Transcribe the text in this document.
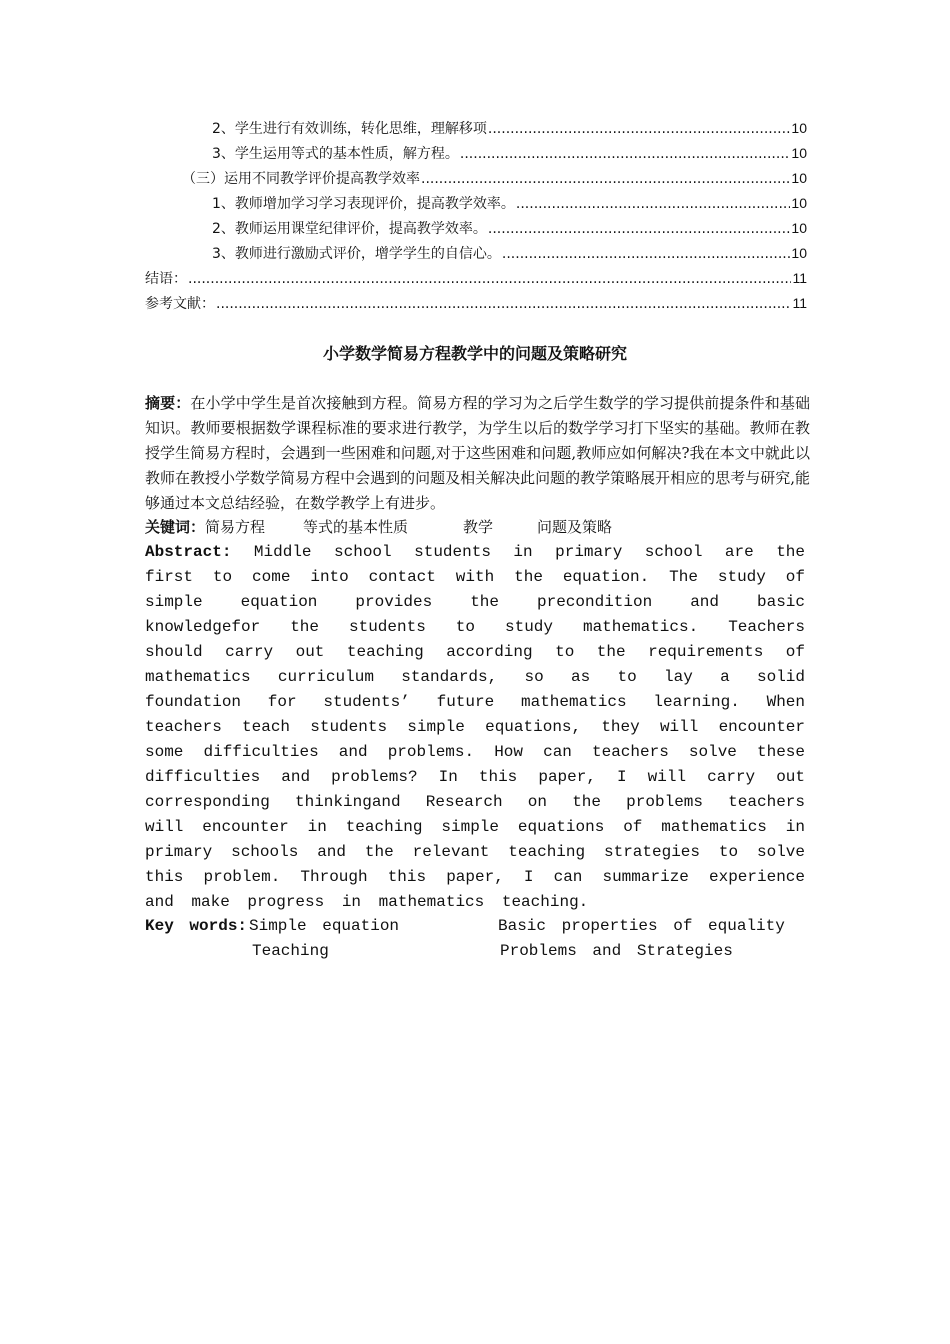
2、学生进行有效训练，转化思维，理解移项 .....	10
3、学生运用等式的基本性质，解方程。 .....	10
（三）运用不同教学评价提高教学效率 .....	10
1、教师增加学习学习表现评价，提高教学效率。 .....	10
2、教师运用课堂纪律评价，提高教学效率。 .....	10
3、教师进行激励式评价，增学学生的自信心。 .....	10
结语： .....	11
参考文献： .....	11
小学数学简易方程教学中的问题及策略研究
摘要：在小学中学生是首次接触到方程。简易方程的学习为之后学生数学的学习提供前提条件和基础知识。教师要根据数学课程标准的要求进行教学，为学生以后的数学学习打下坚实的基础。教师在教授学生简易方程时，会遇到一些困难和问题,对于这些困难和问题,教师应如何解决?我在本文中就此以教师在教授小学数学简易方程中会遇到的问题及相关解决此问题的教学策略展开相应的思考与研究,能够通过本文总结经验，在数学教学上有进步。
关键词：简易方程	等式的基本性质	教学	问题及策略
Abstract: Middle school students in primary school are the first to come into contact with the equation. The study of simple equation provides the precondition and basic knowledgefor the students to study mathematics. Teachers should carry out teaching according to the requirements of mathematics curriculum standards, so as to lay a solid foundation for students’ future mathematics learning. When teachers teach students simple equations, they will encounter some difficulties and problems. How can teachers solve these difficulties and problems? In this paper, I will carry out corresponding thinkingand Research on the problems teachers will encounter in teaching simple equations of mathematics in primary schools and the relevant teaching strategies to solve this problem. Through this paper, I can summarize experience and make progress in mathematics teaching.
Key words: Simple equation	Basic properties of equality
Teaching	Problems and Strategies
